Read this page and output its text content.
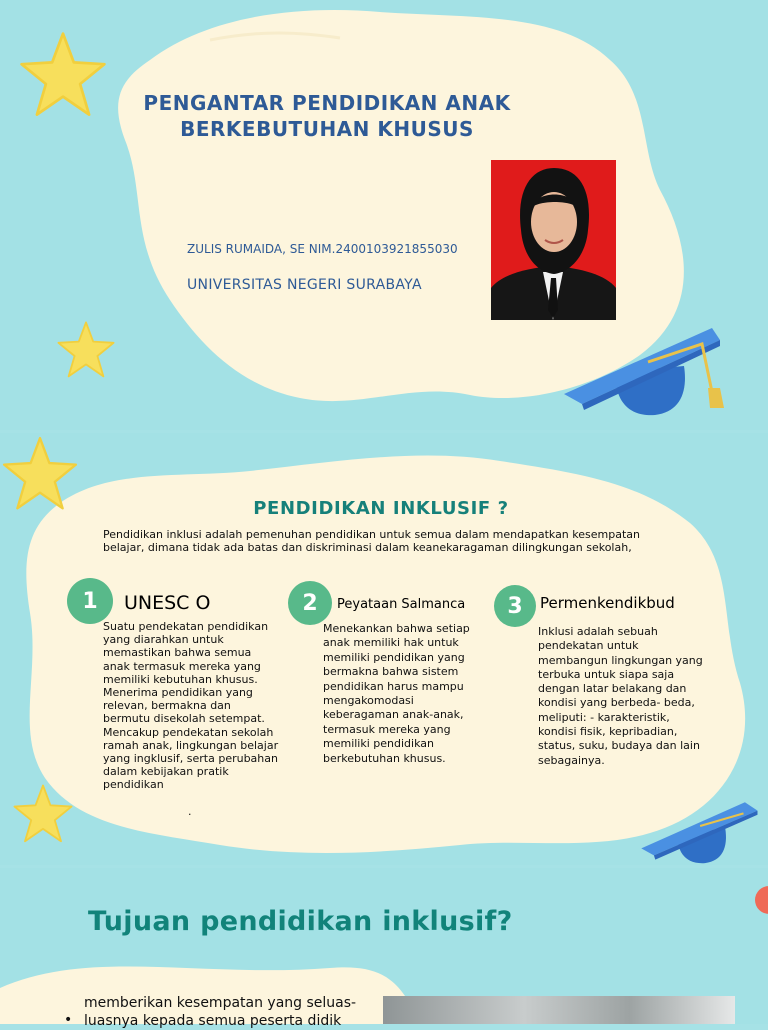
PENGANTAR PENDIDIKAN ANAK BERKEBUTUHAN KHUSUS
ZULIS RUMAIDA, SE NIM.2400103921855030
UNIVERSITAS NEGERI SURABAYA
PENDIDIKAN INKLUSIF ?
Pendidikan inklusi adalah pemenuhan pendidikan untuk semua dalam mendapatkan kesempatan belajar, dimana tidak ada batas dan diskriminasi dalam keanekaragaman dilingkungan sekolah,
1	UNESC O
Suatu pendekatan pendidikan yang diarahkan untuk memastikan bahwa semua anak termasuk mereka yang memiliki kebutuhan khusus. Menerima pendidikan yang relevan, bermakna dan bermutu disekolah setempat. Mencakup pendekatan sekolah ramah anak, lingkungan belajar yang ingklusif, serta perubahan dalam kebijakan pratik pendidikan
.
2	Peyataan Salmanca
Menekankan bahwa setiap anak memiliki hak untuk memiliki pendidikan yang bermakna bahwa sistem pendidikan harus mampu mengakomodasi keberagaman anak-anak, termasuk mereka yang memiliki pendidikan berkebutuhan khusus.
3	Permenkendikbud
Inklusi adalah sebuah pendekatan untuk membangun lingkungan yang terbuka untuk siapa saja dengan latar belakang dan kondisi yang berbeda- beda, meliputi: - karakteristik, kondisi fisik, kepribadian, status, suku, budaya dan lain sebagainya.
Tujuan pendidikan inklusif?
•
memberikan kesempatan yang seluas-luasnya kepada semua peserta didik
